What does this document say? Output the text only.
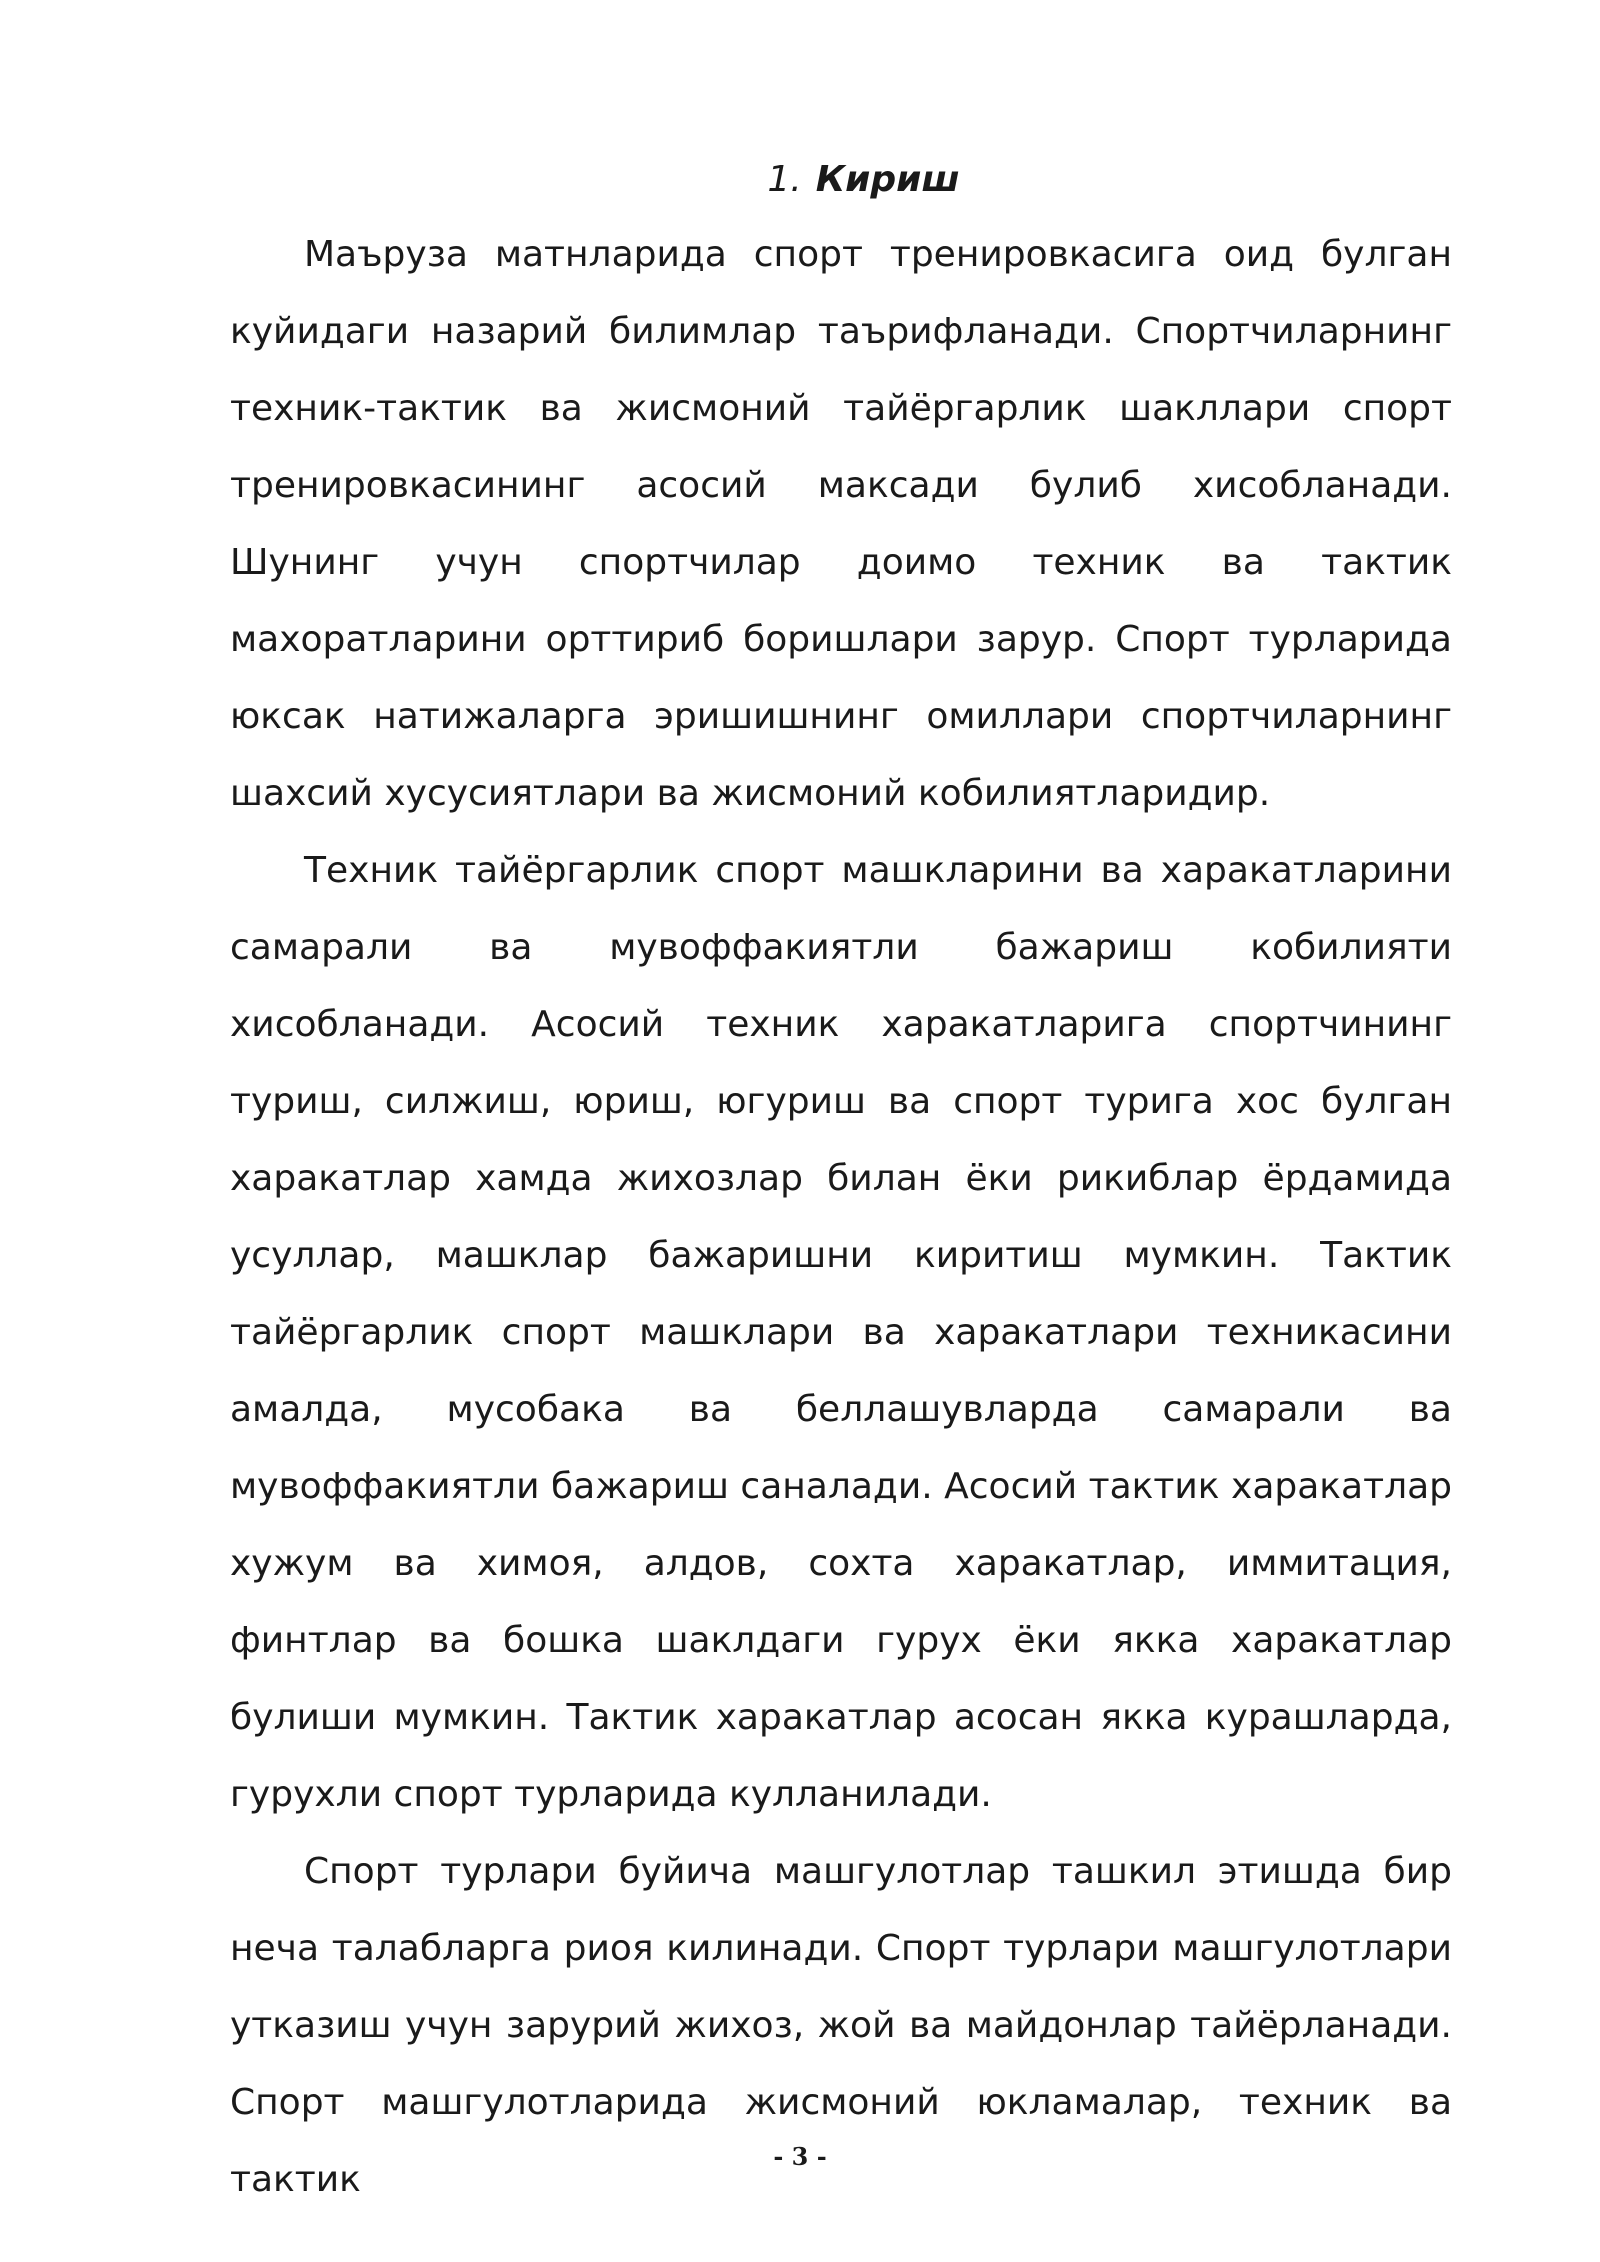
1. Кириш

Маъруза матнларида спорт тренировкасига оид булган куйидаги назарий билимлар таърифланади. Спортчиларнинг техник-тактик ва жисмоний тайёргарлик шакллари спорт тренировкасининг асосий максади булиб хисобланади. Шунинг учун спортчилар доимо техник ва тактик махоратларини орттириб боришлари зарур. Спорт турларида юксак натижаларга эришишнинг омиллари спортчиларнинг шахсий хусусиятлари ва жисмоний кобилиятларидир.

Техник тайёргарлик спорт машкларини ва харакатларини самарали ва мувоффакиятли бажариш кобилияти хисобланади. Асосий техник харакатларига спортчининг туриш, силжиш, юриш, югуриш ва спорт турига хос булган харакатлар хамда жихозлар билан ёки рикиблар ёрдамида усуллар, машклар бажаришни киритиш мумкин. Тактик тайёргарлик спорт машклари ва харакатлари техникасини амалда, мусобака ва беллашувларда самарали ва мувоффакиятли бажариш саналади. Асосий тактик харакатлар хужум ва химоя, алдов, сохта харакатлар, иммитация, финтлар ва бошка шаклдаги гурух ёки якка харакатлар булиши мумкин. Тактик харакатлар асосан якка курашларда, гурухли спорт турларида кулланилади.

Спорт турлари буйича машгулотлар ташкил этишда бир неча талабларга риоя килинади. Спорт турлари машгулотлари утказиш учун зарурий жихоз, жой ва майдонлар тайёрланади. Спорт машгулотларида жисмоний юкламалар, техник ва тактик

- 3 -
